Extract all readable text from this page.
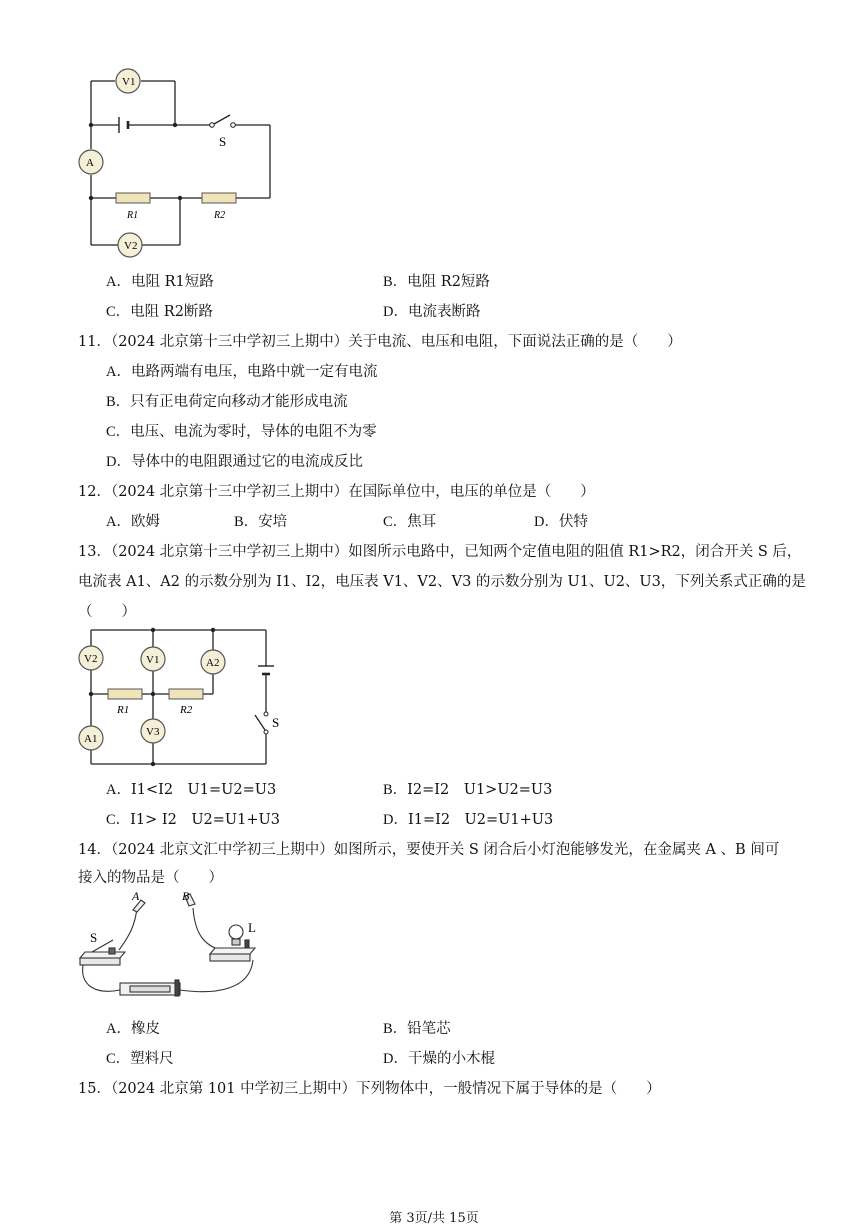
V1
A
V2
S
R1	R2
A．电阻 R1短路	B．电阻 R2短路
C．电阻 R2断路	D．电流表断路
11．（2024 北京第十三中学初三上期中）关于电流、电压和电阻，下面说法正确的是（　　）
A．电路两端有电压，电路中就一定有电流
B．只有正电荷定向移动才能形成电流
C．电压、电流为零时，导体的电阻不为零
D．导体中的电阻跟通过它的电流成反比
12．（2024 北京第十三中学初三上期中）在国际单位中，电压的单位是（　　）
A．欧姆	B．安培	C．焦耳	D．伏特
13．（2024 北京第十三中学初三上期中）如图所示电路中，已知两个定值电阻的阻值 R1>R2，闭合开关 S 后，
电流表 A1、A2 的示数分别为 I1、I2，电压表 V1、V2、V3 的示数分别为 U1、U2、U3，下列关系式正确的是
（　　）
V2	V1	A2
A1
V3
R1	R2
S
A．I1<I2　U1=U2=U3	B．I2=I2　U1>U2=U3
C．I1> I2　U2=U1+U3	D．I1=I2　U2=U1+U3
14．（2024 北京文汇中学初三上期中）如图所示，要使开关 S 闭合后小灯泡能够发光，在金属夹 A 、B 间可
接入的物品是（　　）
S
A	B
L
A．橡皮	B．铅笔芯
C．塑料尺	D．干燥的小木棍
15．（2024 北京第 101 中学初三上期中）下列物体中，一般情况下属于导体的是（　　）
第 3页/共 15页
